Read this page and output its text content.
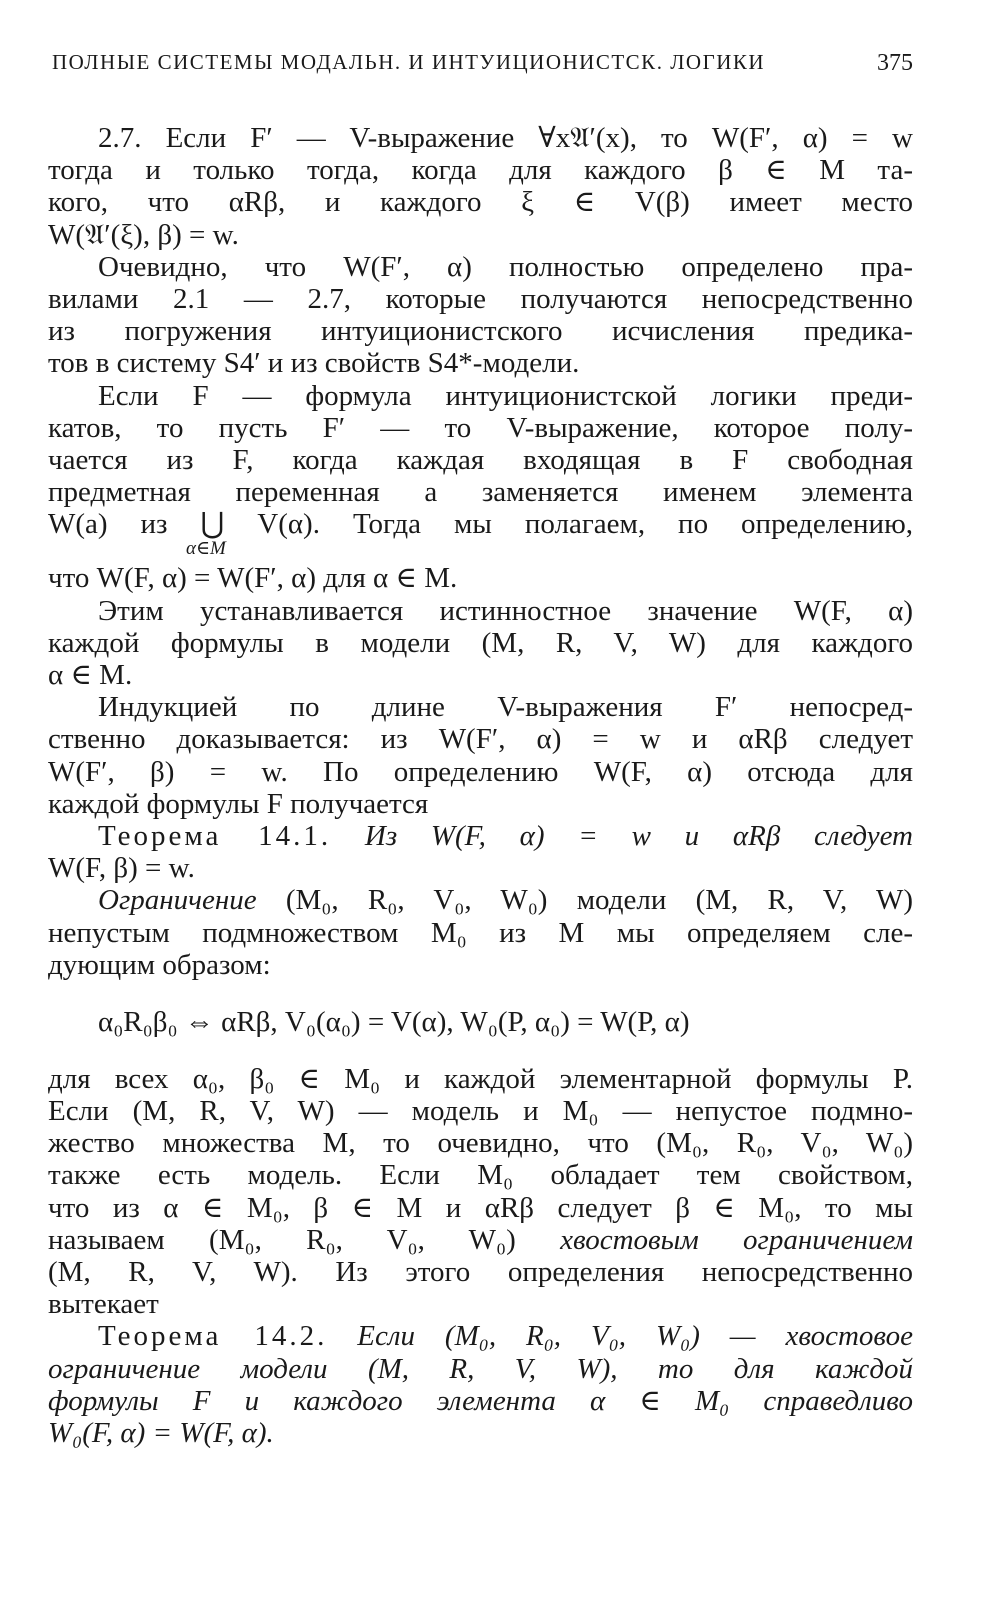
ПОЛНЫЕ СИСТЕМЫ МОДАЛЬН. И ИНТУИЦИОНИСТСК. ЛОГИКИ	375
2.7. Если F′ — V-выражение ∀x𝔄′(x), то W(F′, α) = w
тогда и только тогда, когда для каждого β ∈ M та-
кого, что αRβ, и каждого ξ ∈ V(β) имеет место
W(𝔄′(ξ), β) = w.
Очевидно, что W(F′, α) полностью определено пра-
вилами 2.1 — 2.7, которые получаются непосредственно
из погружения интуиционистского исчисления предика-
тов в систему S4′ и из свойств S4*-модели.
Если F — формула интуиционистской логики преди-
катов, то пусть F′ — то V-выражение, которое полу-
чается из F, когда каждая входящая в F свободная
предметная переменная a заменяется именем элемента
W(a) из ⋃ V(α). Тогда мы полагаем, по определению,
α∈M
что W(F, α) = W(F′, α) для α ∈ M.
Этим устанавливается истинностное значение W(F, α)
каждой формулы в модели (M, R, V, W) для каждого
α ∈ M.
Индукцией по длине V-выражения F′ непосред-
ственно доказывается: из W(F′, α) = w и αRβ следует
W(F′, β) = w. По определению W(F, α) отсюда для
каждой формулы F получается
Теорема 14.1. Из W(F, α) = w и αRβ следует
W(F, β) = w.
Ограничение (M₀, R₀, V₀, W₀) модели (M, R, V, W)
непустым подмножеством M₀ из M мы определяем сле-
дующим образом:
α₀R₀β₀ ⇔ αRβ, V₀(α₀) = V(α), W₀(P, α₀) = W(P, α)
для всех α₀, β₀ ∈ M₀ и каждой элементарной формулы P.
Если (M, R, V, W) — модель и M₀ — непустое подмно-
жество множества M, то очевидно, что (M₀, R₀, V₀, W₀)
также есть модель. Если M₀ обладает тем свойством,
что из α ∈ M₀, β ∈ M и αRβ следует β ∈ M₀, то мы
называем (M₀, R₀, V₀, W₀) хвостовым ограничением
(M, R, V, W). Из этого определения непосредственно
вытекает
Теорема 14.2. Если (M₀, R₀, V₀, W₀) — хвостовое
ограничение модели (M, R, V, W), то для каждой
формулы F и каждого элемента α ∈ M₀ справедливо
W₀(F, α) = W(F, α).
